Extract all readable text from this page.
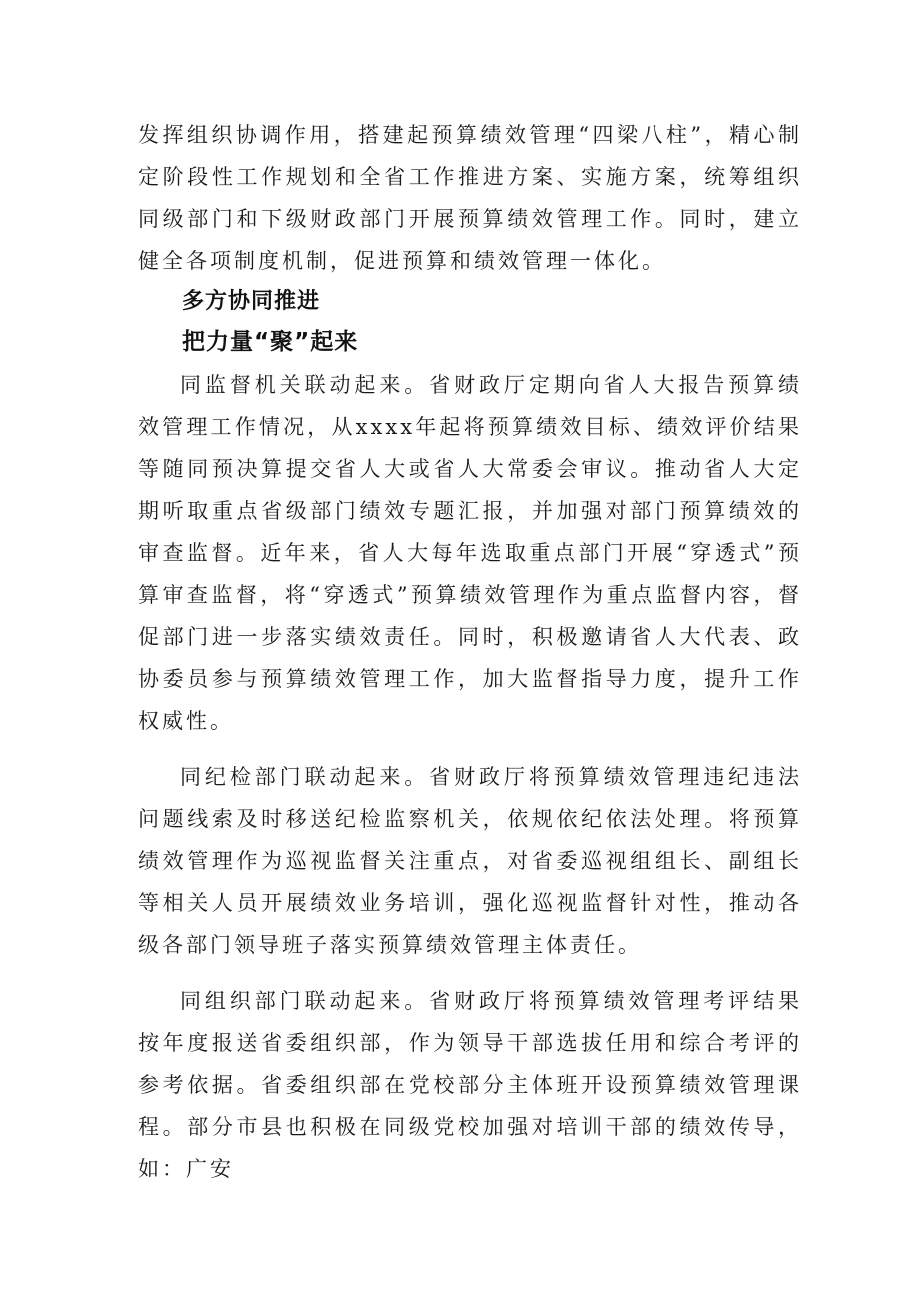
发挥组织协调作用，搭建起预算绩效管理“四梁八柱”，精心制定阶段性工作规划和全省工作推进方案、实施方案，统筹组织同级部门和下级财政部门开展预算绩效管理工作。同时，建立健全各项制度机制，促进预算和绩效管理一体化。

多方协同推进
把力量“聚”起来

同监督机关联动起来。省财政厅定期向省人大报告预算绩效管理工作情况，从xxxx年起将预算绩效目标、绩效评价结果等随同预决算提交省人大或省人大常委会审议。推动省人大定期听取重点省级部门绩效专题汇报，并加强对部门预算绩效的审查监督。近年来，省人大每年选取重点部门开展“穿透式”预算审查监督，将“穿透式”预算绩效管理作为重点监督内容，督促部门进一步落实绩效责任。同时，积极邀请省人大代表、政协委员参与预算绩效管理工作，加大监督指导力度，提升工作权威性。

同纪检部门联动起来。省财政厅将预算绩效管理违纪违法问题线索及时移送纪检监察机关，依规依纪依法处理。将预算绩效管理作为巡视监督关注重点，对省委巡视组组长、副组长等相关人员开展绩效业务培训，强化巡视监督针对性，推动各级各部门领导班子落实预算绩效管理主体责任。

同组织部门联动起来。省财政厅将预算绩效管理考评结果按年度报送省委组织部，作为领导干部选拔任用和综合考评的参考依据。省委组织部在党校部分主体班开设预算绩效管理课程。部分市县也积极在同级党校加强对培训干部的绩效传导，如：广安
